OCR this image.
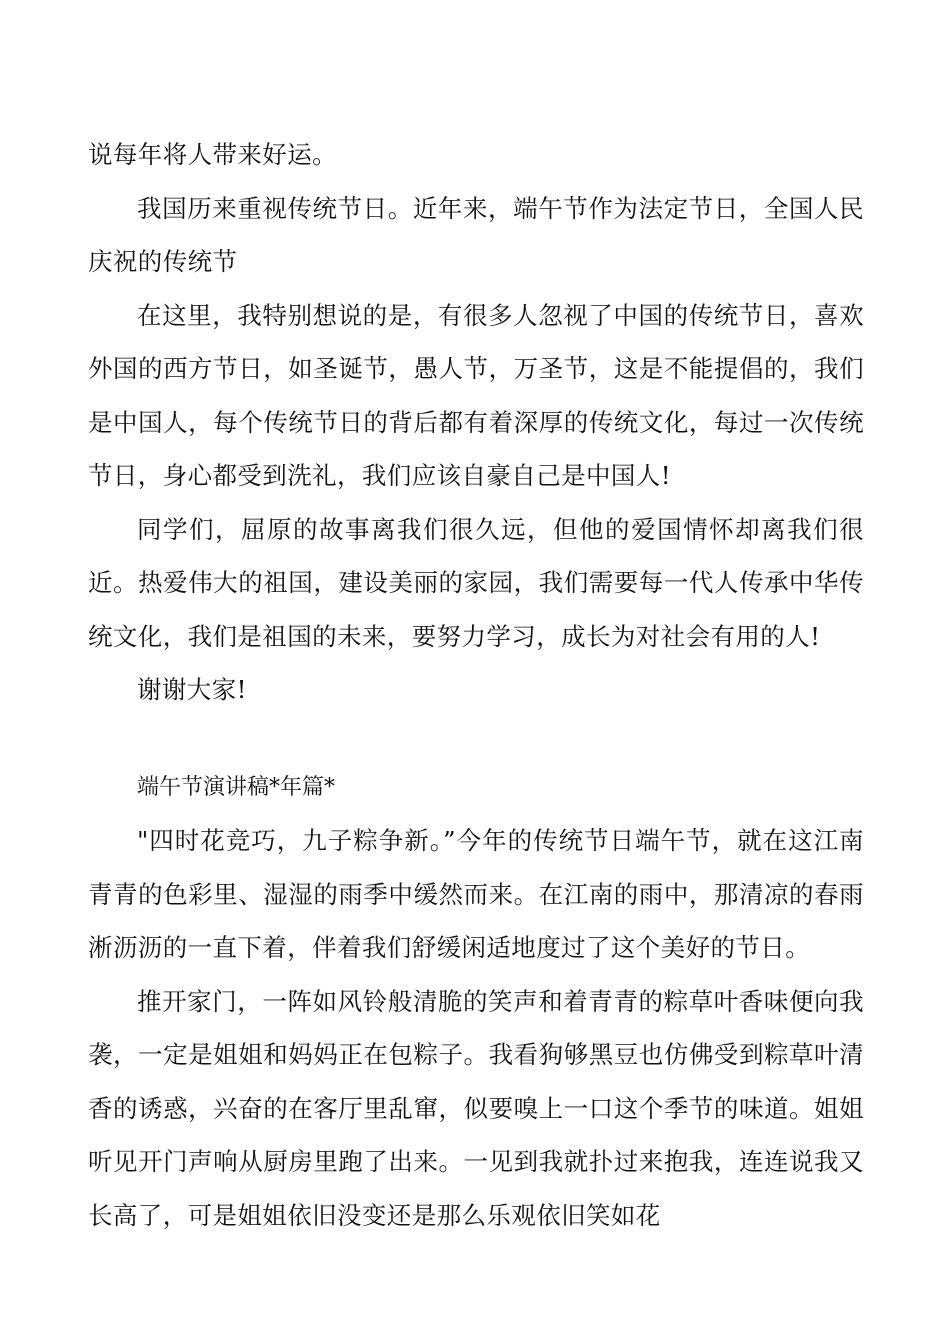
说每年将人带来好运。

我国历来重视传统节日。近年来，端午节作为法定节日，全国人民庆祝的传统节

在这里，我特别想说的是，有很多人忽视了中国的传统节日，喜欢外国的西方节日，如圣诞节，愚人节，万圣节，这是不能提倡的，我们是中国人，每个传统节日的背后都有着深厚的传统文化，每过一次传统节日，身心都受到洗礼，我们应该自豪自己是中国人!

同学们，屈原的故事离我们很久远，但他的爱国情怀却离我们很近。热爱伟大的祖国，建设美丽的家园，我们需要每一代人传承中华传统文化，我们是祖国的未来，要努力学习，成长为对社会有用的人!

谢谢大家!

端午节演讲稿*年篇*

"四时花竞巧，九子粽争新。”今年的传统节日端午节，就在这江南青青的色彩里、湿湿的雨季中缓然而来。在江南的雨中，那清凉的春雨淅沥沥的一直下着，伴着我们舒缓闲适地度过了这个美好的节日。

推开家门，一阵如风铃般清脆的笑声和着青青的粽草叶香味便向我袭，一定是姐姐和妈妈正在包粽子。我看狗够黑豆也仿佛受到粽草叶清香的诱惑，兴奋的在客厅里乱窜，似要嗅上一口这个季节的味道。姐姐听见开门声响从厨房里跑了出来。一见到我就扑过来抱我，连连说我又长高了，可是姐姐依旧没变还是那么乐观依旧笑如花
